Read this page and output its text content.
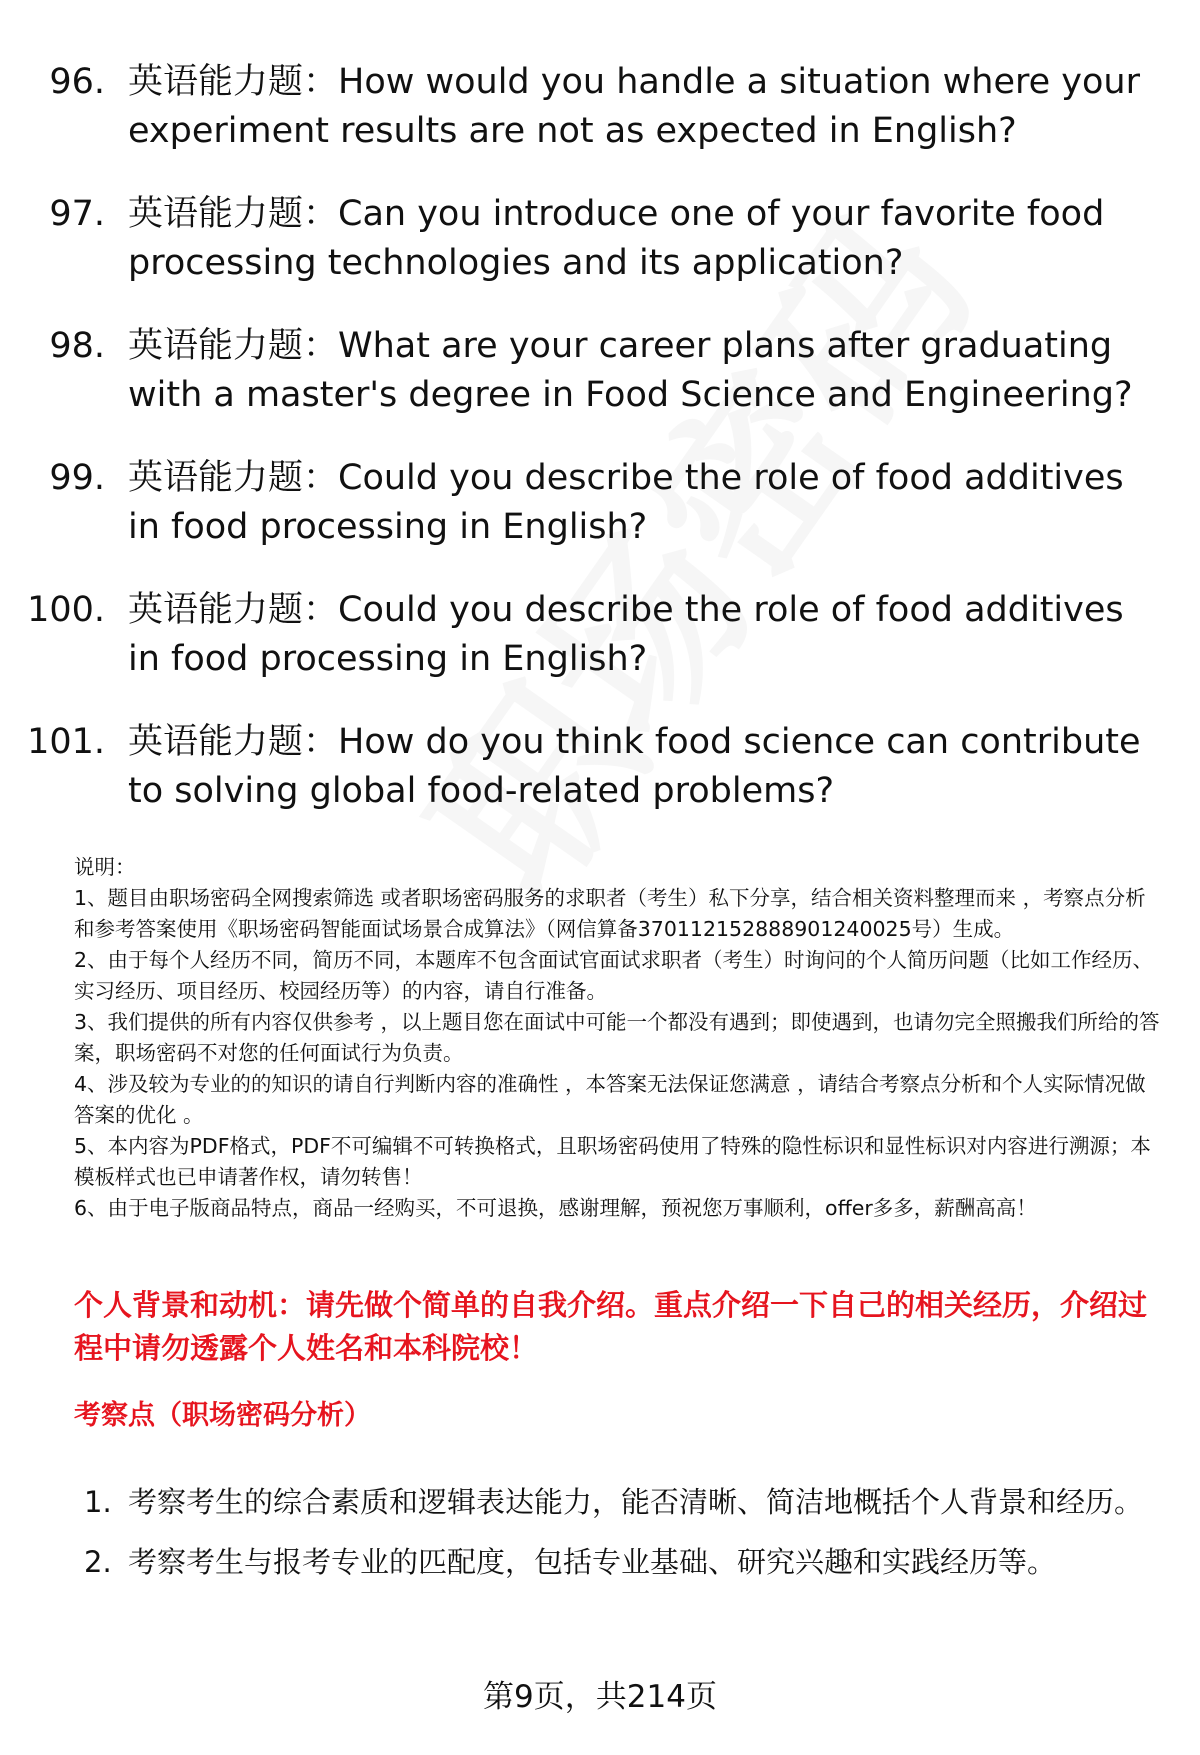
96. 英语能力题：How would you handle a situation where your experiment results are not as expected in English?
97. 英语能力题：Can you introduce one of your favorite food processing technologies and its application?
98. 英语能力题：What are your career plans after graduating with a master's degree in Food Science and Engineering?
99. 英语能力题：Could you describe the role of food additives in food processing in English?
100. 英语能力题：Could you describe the role of food additives in food processing in English?
101. 英语能力题：How do you think food science can contribute to solving global food-related problems?

说明：

1、题目由职场密码全网搜索筛选 或者职场密码服务的求职者（考生）私下分享，结合相关资料整理而来 ，考察点分析和参考答案使用《职场密码智能面试场景合成算法》（网信算备370112152888901240025号）生成。

2、由于每个人经历不同，简历不同，本题库不包含面试官面试求职者（考生）时询问的个人简历问题（比如工作经历、实习经历、项目经历、校园经历等）的内容，请自行准备。

3、我们提供的所有内容仅供参考 ，以上题目您在面试中可能一个都没有遇到；即使遇到，也请勿完全照搬我们所给的答案，职场密码不对您的任何面试行为负责。

4、涉及较为专业的的知识的请自行判断内容的准确性 ，本答案无法保证您满意 ，请结合考察点分析和个人实际情况做答案的优化 。

5、本内容为PDF格式，PDF不可编辑不可转换格式，且职场密码使用了特殊的隐性标识和显性标识对内容进行溯源；本模板样式也已申请著作权，请勿转售！

6、由于电子版商品特点，商品一经购买，不可退换，感谢理解，预祝您万事顺利，offer多多，薪酬高高！

个人背景和动机：请先做个简单的自我介绍。重点介绍一下自己的相关经历，介绍过程中请勿透露个人姓名和本科院校！
考察点（职场密码分析）
1. 考察考生的综合素质和逻辑表达能力，能否清晰、简洁地概括个人背景和经历。
2. 考察考生与报考专业的匹配度，包括专业基础、研究兴趣和实践经历等。
第9页，共214页
